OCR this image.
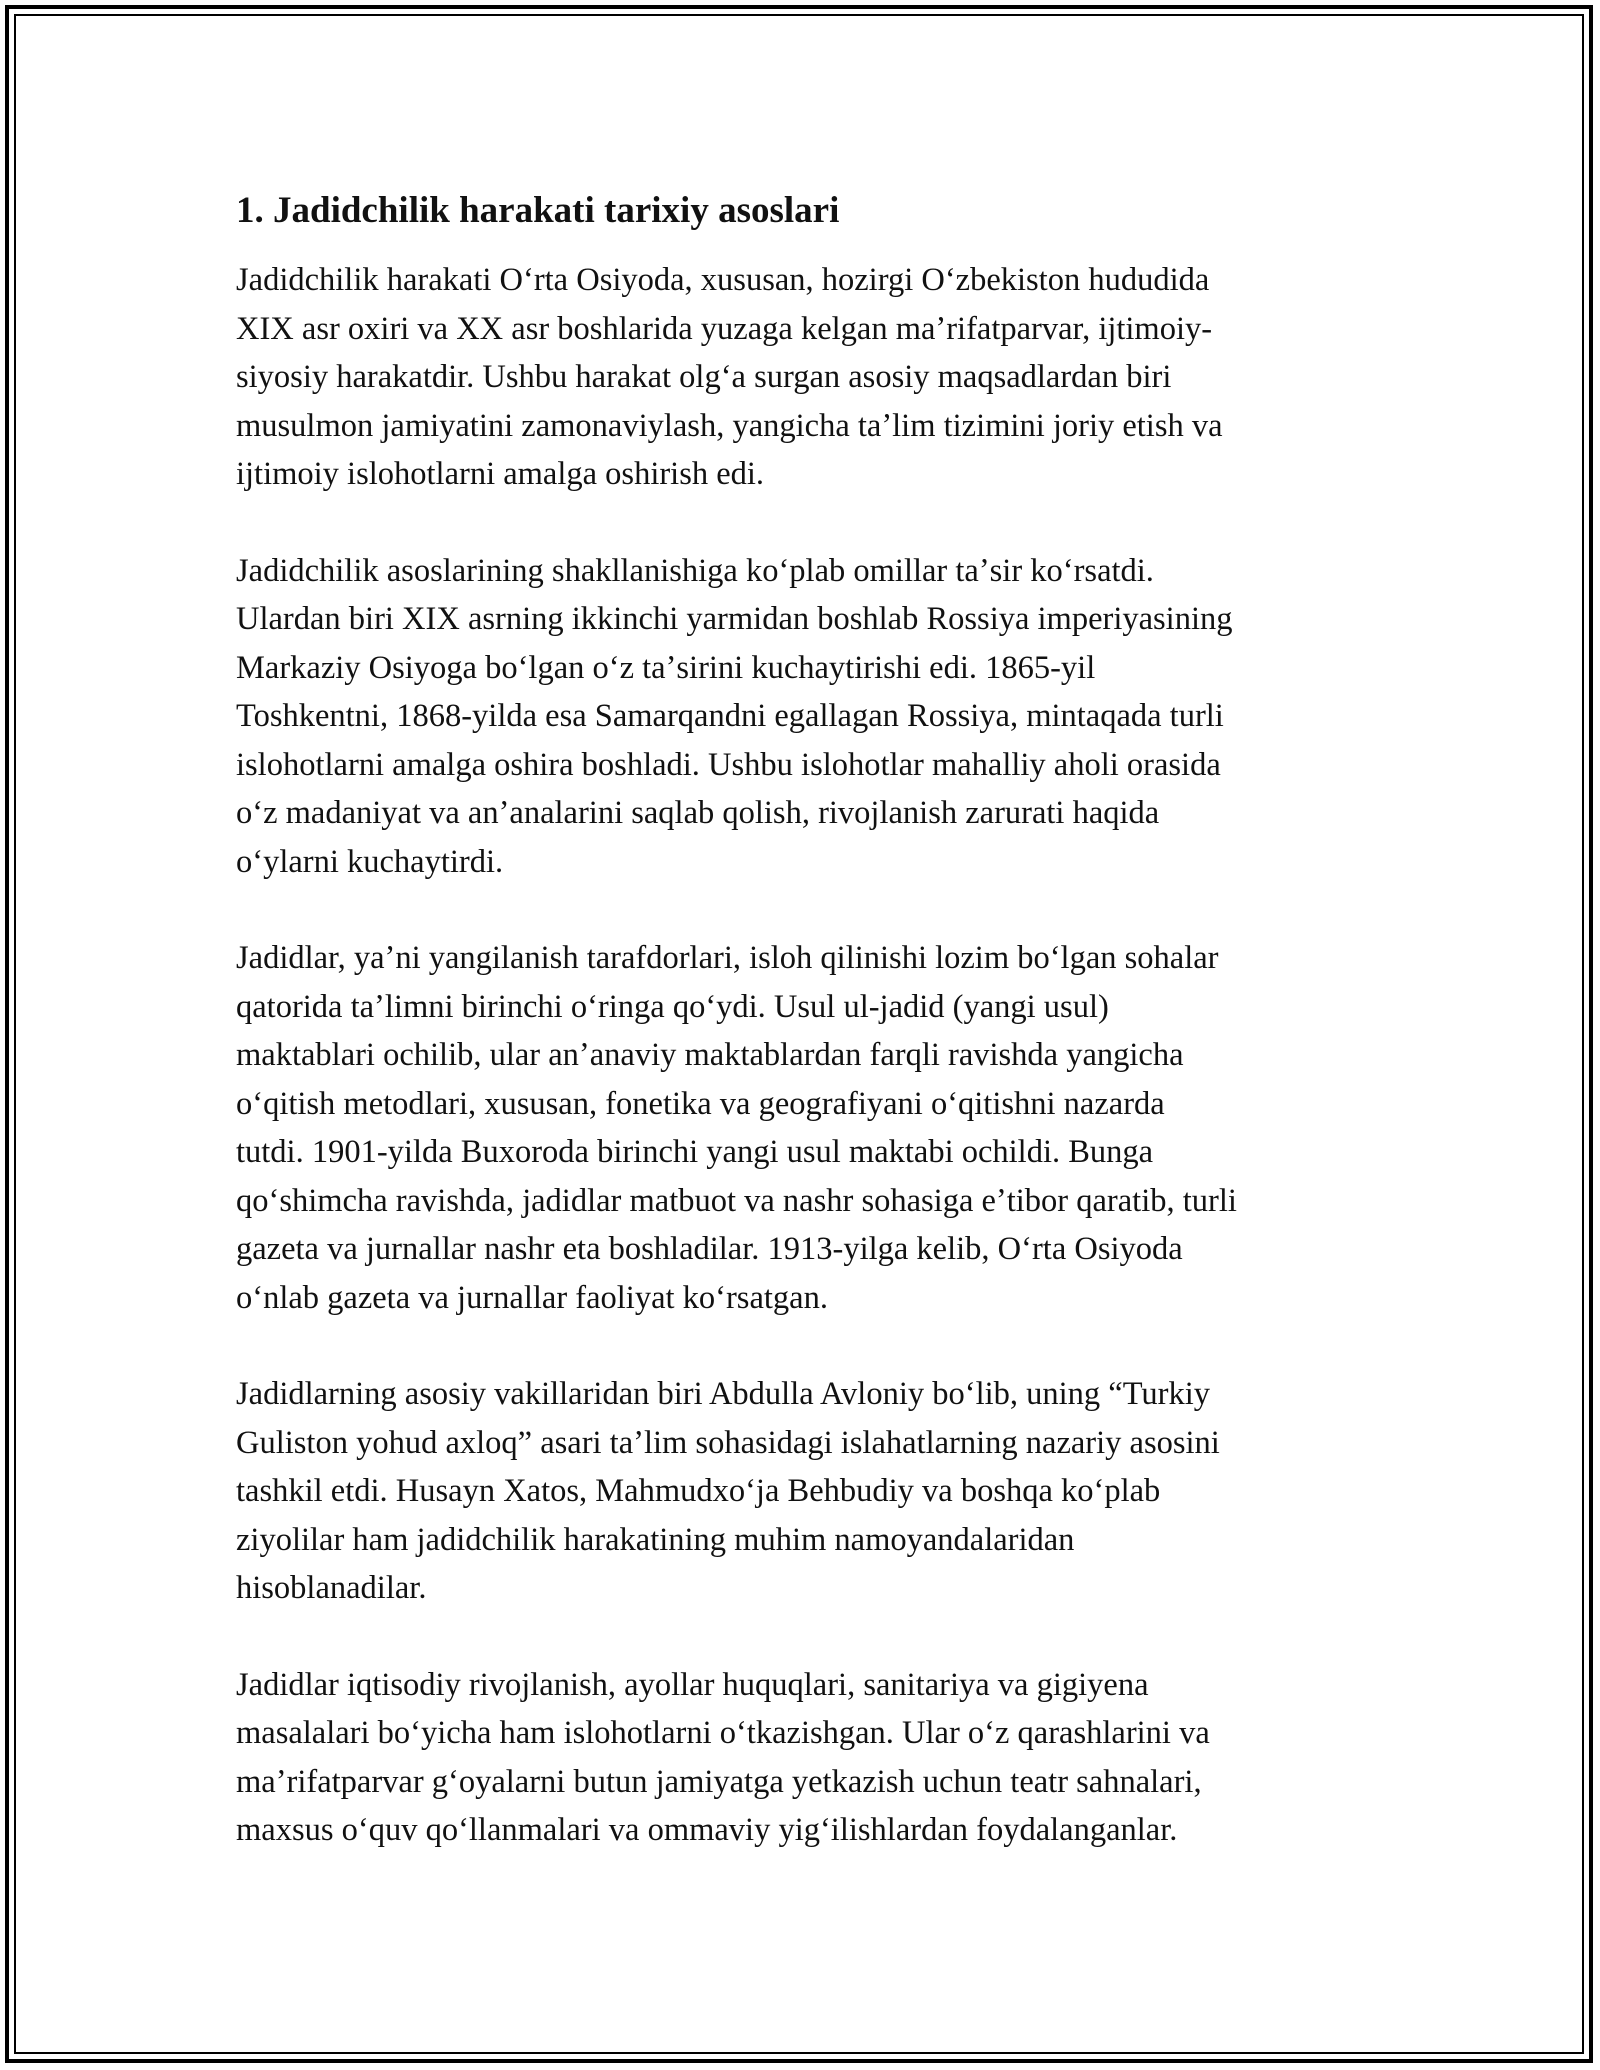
1. Jadidchilik harakati tarixiy asoslari

Jadidchilik harakati Oʻrta Osiyoda, xususan, hozirgi Oʻzbekiston hududida
XIX asr oxiri va XX asr boshlarida yuzaga kelgan maʼrifatparvar, ijtimoiy-
siyosiy harakatdir. Ushbu harakat olgʻa surgan asosiy maqsadlardan biri
musulmon jamiyatini zamonaviylash, yangicha taʼlim tizimini joriy etish va
ijtimoiy islohotlarni amalga oshirish edi.

Jadidchilik asoslarining shakllanishiga koʻplab omillar taʼsir koʻrsatdi.
Ulardan biri XIX asrning ikkinchi yarmidan boshlab Rossiya imperiyasining
Markaziy Osiyoga boʻlgan oʻz taʼsirini kuchaytirishi edi. 1865-yil
Toshkentni, 1868-yilda esa Samarqandni egallagan Rossiya, mintaqada turli
islohotlarni amalga oshira boshladi. Ushbu islohotlar mahalliy aholi orasida
oʻz madaniyat va anʼanalarini saqlab qolish, rivojlanish zarurati haqida
oʻylarni kuchaytirdi.

Jadidlar, yaʼni yangilanish tarafdorlari, isloh qilinishi lozim boʻlgan sohalar
qatorida taʼlimni birinchi oʻringa qoʻydi. Usul ul-jadid (yangi usul)
maktablari ochilib, ular anʼanaviy maktablardan farqli ravishda yangicha
oʻqitish metodlari, xususan, fonetika va geografiyani oʻqitishni nazarda
tutdi. 1901-yilda Buxoroda birinchi yangi usul maktabi ochildi. Bunga
qoʻshimcha ravishda, jadidlar matbuot va nashr sohasiga eʼtibor qaratib, turli
gazeta va jurnallar nashr eta boshladilar. 1913-yilga kelib, Oʻrta Osiyoda
oʻnlab gazeta va jurnallar faoliyat koʻrsatgan.

Jadidlarning asosiy vakillaridan biri Abdulla Avloniy boʻlib, uning “Turkiy
Guliston yohud axloq” asari taʼlim sohasidagi islahatlarning nazariy asosini
tashkil etdi. Husayn Xatos, Mahmudxoʻja Behbudiy va boshqa koʻplab
ziyolilar ham jadidchilik harakatining muhim namoyandalaridan
hisoblanadilar.

Jadidlar iqtisodiy rivojlanish, ayollar huquqlari, sanitariya va gigiyena
masalalari boʻyicha ham islohotlarni oʻtkazishgan. Ular oʻz qarashlarini va
maʼrifatparvar gʻoyalarni butun jamiyatga yetkazish uchun teatr sahnalari,
maxsus oʻquv qoʻllanmalari va ommaviy yigʻilishlardan foydalanganlar.
